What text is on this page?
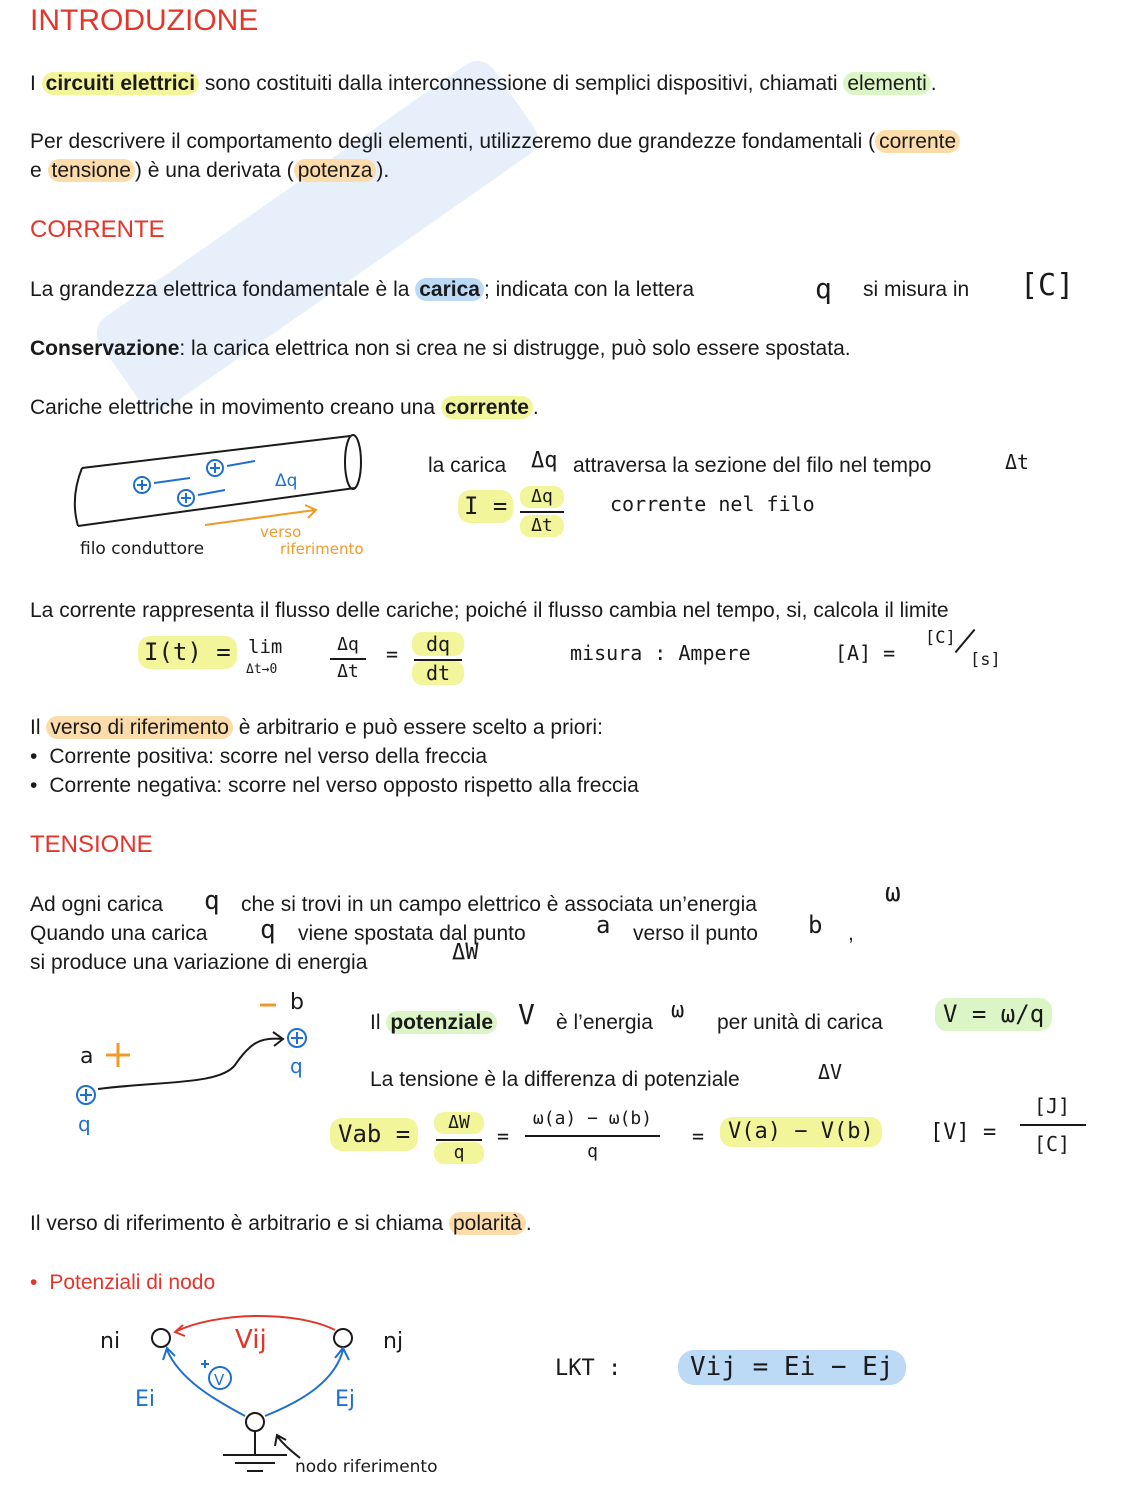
INTRODUZIONE
I circuiti elettrici sono costituiti dalla interconnessione di semplici dispositivi, chiamati elementi .
Per descrivere il comportamento degli elementi, utilizzeremo due grandezze fondamentali ( corrente
e tensione ) è una derivata ( potenza ).
CORRENTE
La grandezza elettrica fondamentale è la carica ; indicata con la lettera	q si misura in [C]
Conservazione: la carica elettrica non si crea ne si distrugge, può solo essere spostata.
Cariche elettriche in movimento creano una corrente .
Δq
filo conduttore
verso
riferimento
la carica Δq attraversa la sezione del filo nel tempo	Δt
I =	Δq
Δt
corrente nel filo
La corrente rappresenta il flusso delle cariche; poiché il flusso cambia nel tempo, si, calcola il limite
I(t) = lim
Δt→0
Δq
Δt
=	dq
dt
misura : Ampere	[A] =
[C]
[s]
Il verso di riferimento è arbitrario e può essere scelto a priori:
• Corrente positiva: scorre nel verso della freccia
• Corrente negativa: scorre nel verso opposto rispetto alla freccia
TENSIONE
Ad ogni carica q che si trovi in un campo elettrico è associata un’energia	ω
Quando una carica q viene spostata dal punto	a verso il punto b ,
si produce una variazione di energia	ΔW
b
q
a
q
Il potenziale V è l’energia ω per unità di carica	V = ω/q
La tensione è la differenza di potenziale	ΔV
Vab =	ΔW
q
=
ω(a) − ω(b)
q
=	V(a) − V(b)	[V] =
[J]
[C]
Il verso di riferimento è arbitrario e si chiama polarità .
• Potenziali di nodo
ni	nj
Vij
V
Ei	Ej
nodo riferimento
LKT :	Vij = Ei − Ej
